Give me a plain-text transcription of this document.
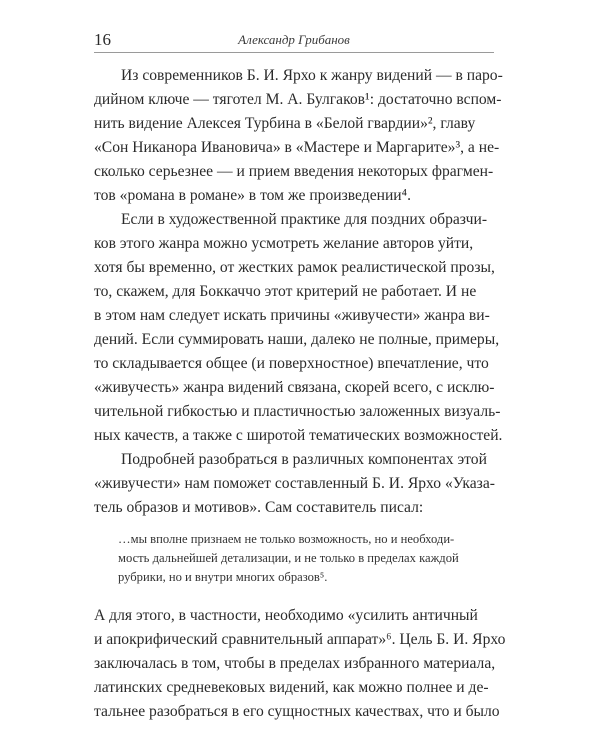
16	Александр Грибанов
Из современников Б. И. Ярхо к жанру видений — в паро-
дийном ключе — тяготел М. А. Булгаков¹: достаточно вспом-
нить видение Алексея Турбина в «Белой гвардии»², главу
«Сон Никанора Ивановича» в «Мастере и Маргарите»³, а не-
сколько серьезнее — и прием введения некоторых фрагмен-
тов «романа в романе» в том же произведении⁴.
Если в художественной практике для поздних образчи-
ков этого жанра можно усмотреть желание авторов уйти,
хотя бы временно, от жестких рамок реалистической прозы,
то, скажем, для Боккаччо этот критерий не работает. И не
в этом нам следует искать причины «живучести» жанра ви-
дений. Если суммировать наши, далеко не полные, примеры,
то складывается общее (и поверхностное) впечатление, что
«живучесть» жанра видений связана, скорей всего, с исклю-
чительной гибкостью и пластичностью заложенных визуаль-
ных качеств, а также с широтой тематических возможностей.
Подробней разобраться в различных компонентах этой
«живучести» нам поможет составленный Б. И. Ярхо «Указа-
тель образов и мотивов». Сам составитель писал:
…мы вполне признаем не только возможность, но и необходи-
мость дальнейшей детализации, и не только в пределах каждой
рубрики, но и внутри многих образов⁵.
А для этого, в частности, необходимо «усилить античный
и апокрифический сравнительный аппарат»⁶. Цель Б. И. Ярхо
заключалась в том, чтобы в пределах избранного материала,
латинских средневековых видений, как можно полнее и де-
тальнее разобраться в его сущностных качествах, что и было
